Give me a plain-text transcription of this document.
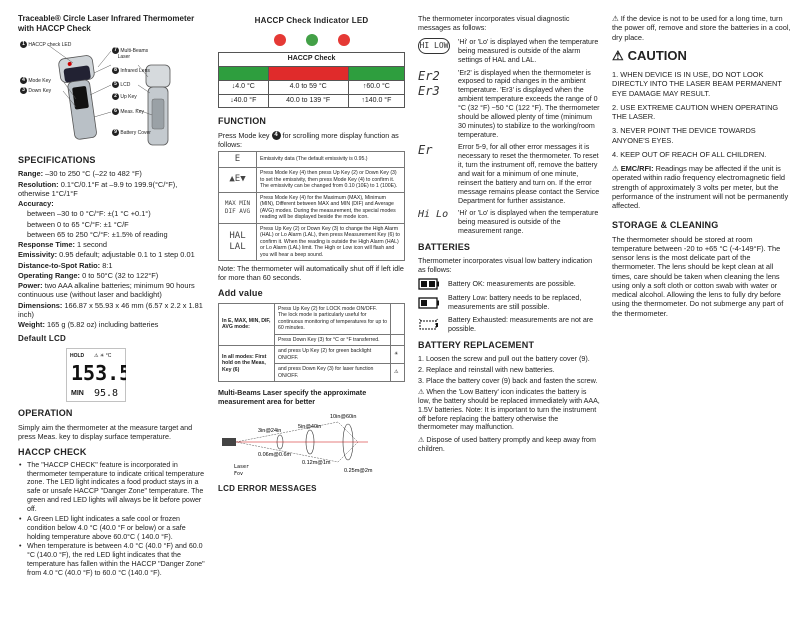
Traceable® Circle Laser Infrared Thermometer
with HACCP Check
1 HACCP check LED
7 Multi-Beams
Laser
8 Infrared Lens
4 Mode Key
3 Down Key
5 LCD
2 Up Key
6 Meas. Key
9 Battery Cover
SPECIFICATIONS

Range: –30 to 250 °C (–22 to 482 °F)

Resolution: 0.1°C/0.1°F at –9.9 to 199.9(°C/°F), otherwise 1°C/1°F

Accuracy:

between –30 to 0 °C/°F: ±(1 °C +0.1°)

between 0 to 65 °C/°F: ±1 °C/F

between 65 to 250 °C/°F: ±1.5% of reading

Response Time: 1 second

Emissivity: 0.95 default; adjustable 0.1 to 1 step 0.01

Distance-to-Spot Ratio: 8:1

Operating Range: 0 to 50°C (32 to 122°F)

Power: two AAA alkaline batteries; minimum 90 hours continuous use (without laser and backlight)

Dimensions: 166.87 x 55.93 x 46 mm (6.57 x 2.2 x 1.81 inch)

Weight: 165 g (5.82 oz) including batteries

Default LCD
HOLD ⚠ ☀ °C
153.5
MIN 95.8
OPERATION

Simply aim the thermometer at the measure target and press Meas. key to display surface temperature.

HACCP CHECK
• The "HACCP CHECK" feature is incorporated in thermometer temperature to indicate critical temperature zone. The LED light indicates a food product stays in a safe or unsafe HACCP "Danger Zone" temperature. The green and red LED lights will always be lit before power off.
• A Green LED light indicates a safe cool or frozen condition below 4.0 °C (40.0 °F or below) or a safe holding temperature above 60.0°C ( 140.0 °F).
• When temperature is between 4.0 °C (40.0 °F) and 60.0 °C (140.0 °F), the red LED light indicates that the temperature has fallen within the HACCP "Danger Zone" from 4.0 °C (40.0 °F) to 60.0 °C (140.0 °F).
HACCP Check Indicator LED
HACCP Check		

↓4.0 °C	4.0 to 59 °C	↑60.0 °C
↓40.0 °F	40.0 to 139 °F	↑140.0 °F
FUNCTION

Press Mode key 4 for scrolling more display function as follows:

E	Emissivity data (The default emissivity is 0.95.)
▲E▼	Press Mode Key (4) then press Up Key (2) or Down Key (3) to set the emissivity, then press Mode Key (4) to confirm it. The emissivity can be changed from 0.10 (10E) to 1 (100E).
MAX MIN DIF AVG	Press Mode Key (4) for the Maximum (MAX), Minimum (MIN), Different between MAX and MIN (DIF) and Average (AVG) modes. During the measurement, the special modes reading will be displayed beside the mode icon.
HAL LAL	Press Up Key (2) or Down Key (3) to change the High Alarm (HAL) or Lo Alarm (LAL), then press Measurement Key (6) to confirm it. When the reading is outside the High Alarm (HAL) or Lo Alarm (LAL) limit. The High or Low icon will flash and you will hear a beep sound.

Note: The thermometer will automatically shut off if left idle for more than 60 seconds.

Add value
In E, MAX, MIN, DIF, AVG mode:	Press Up Key (2) for LOCK mode ON/OFF. The lock mode is particularly useful for continuous monitoring of temperatures for up to 60 minutes.	
	Press Down Key (3) for °C or °F transferred.	
In all modes: First hold on the Meas, Key (6)	and press Up Key (2) for green backlight ON/OFF.	☀
	and press Down Key (3) for laser function ON/OFF.	⚠

Multi-Beams Laser specify the approximate measurement area for better

10in@60in
5in@40in
3in@24in
0.06m@0.6m
0.12m@1m
0.25m@2m
Laser
Fov
LCD ERROR MESSAGES

The thermometer incorporates visual diagnostic messages as follows:

HI LOW 'Hi' or 'Lo' is displayed when the temperature being measured is outside of the alarm settings of HAL and LAL.
Er2
Er3
'Er2' is displayed when the thermometer is exposed to rapid changes in the ambient temperature. 'Er3' is displayed when the ambient temperature exceeds the range of 0 °C (32 °F) ~50 °C (122 °F). The thermometer should be allowed plenty of time (minimum 30 minutes) to stabilize to the working/room temperature.
Er	Error 5-9, for all other error messages it is necessary to reset the thermometer. To reset it, turn the instrument off, remove the battery and wait for a minimum of one minute, reinsert the battery and turn on. If the error message remains please contact the Service Department for further assistance.
Hi Lo	'Hi' or 'Lo' is displayed when the temperature being measured is outside of the measurement range.
BATTERIES

Thermometer incorporates visual low battery indication as follows:

Battery OK: measurements are possible.
Battery Low: battery needs to be replaced, measurements are still possible.
Battery Exhausted: measurements are not are possible.
BATTERY REPLACEMENT
1. Loosen the screw and pull out the battery cover (9).
2. Replace and reinstall with new batteries.
3. Place the battery cover (9) back and fasten the screw.

⚠ When the 'Low Battery' icon indicates the battery is low, the battery should be replaced immediately with AAA, 1.5V batteries. Note: It is important to turn the instrument off before replacing the battery otherwise the thermometer may malfunction.

⚠ Dispose of used battery promptly and keep away from children.

⚠ If the device is not to be used for a long time, turn the power off, remove and store the batteries in a cool, dry place.

⚠ CAUTION
1. WHEN DEVICE IS IN USE, DO NOT LOOK DIRECTLY INTO THE LASER BEAM PERMANENT EYE DAMAGE MAY RESULT.
2. USE EXTREME CAUTION WHEN OPERATING THE LASER.
3. NEVER POINT THE DEVICE TOWARDS ANYONE'S EYES.
4. KEEP OUT OF REACH OF ALL CHILDREN.

⚠ EMC/RFI: Readings may be affected if the unit is operated within radio frequency electromagnetic field strength of approximately 3 volts per meter, but the performance of the instrument will not be permanently affected.

STORAGE & CLEANING

The thermometer should be stored at room temperature between -20 to +65 °C (-4-149°F). The sensor lens is the most delicate part of the thermometer. The lens should be kept clean at all times, care should be taken when cleaning the lens using only a soft cloth or cotton swab with water or medical alcohol. Allowing the lens to fully dry before using the thermometer. Do not submerge any part of the thermometer.
